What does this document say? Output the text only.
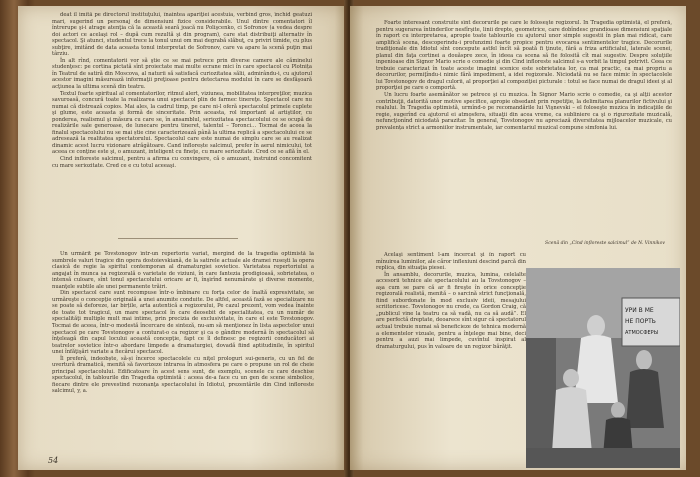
deat il imită pe directorul instituţului, înaintea apariţiei acestuia, verbind gros, închid geatuzi mari, sugerind un personaj de dimensiuni fizice considerabile. Unul dintre comentatori îl întrerupe şi-i atrage atenţia că la această seară joacă nu Polişcenko, ci Sofronov (a vedea despre doi actori ce acelaşi rol – după cum rezultă şi din program), care stat distribuiţi alternativ în spectacol. Şi atunci, studentul trece la tonul unui om mai degrabă slăbuţ, cu priviri timide, cu plus subţire, imitând de data aceasta tonul interpretat de Sofronov, care va apare la scenă puţin mai târziu.

În alt rînd, comentatorii vor să ştie ce se mai petrece prin diverse camere ale căminelui studenţesc: pe cortina pictată sînt proiectate mai multe ecrane mici în care spectacol cu Plotnița în Teatrul de satiră din Moscova, al naturii să satisfacă curiozitatea sălii, admirându-i, cu ajutorul acestor imagini măsurează informaţii preţioase pentru detectarea modului în care se desfăşoară acţiunea la ultima scenă din teatru.

Textul foarte spiritual al comentatorilor, ritmul alert, viziunea, mobilitatea interpreţilor, muzica savuroasă, concură toate la realizarea unui spectacol plin de farmec tinereţe. Spectacol care nu numai că distrează copios. Mai ales, la cadrul timp, pe care ni-l oferă spectacolul primele cuplete şi glume, este aceasta şi formă de sinceritate. Prin aceasta, rol important al artiştilor, cu ponderea, realismul şi măsura cu care se, în ansamblul, seriozitatea spectacolului ce se ocupă de realizările sale generoase, de lunecare pentru tineret, talentul – Toronci... Tocmai de aceea la finalul spectacolului nu se mai știe cine caracterizează până la ultima replică a spectacolului ce se adresează la realitatea spectatorului. Spectacolul care este numai de simplu care se au realizat dinamic acest lucru vizionare atrăgătoare. Cand inflorește salcimul, prefer în aerul nimicului, tot aceea ce conţine este şi, o amuzant, inteligent cu fineţe, cu mare seriozitate. Cred ce se află în el.

Cind infloreste salcimul, pentru a afirma cu convingere, că o amuzant, instruind concomitent cu mare seriozitate. Cred ce e cu totul aceeaşi.

Un urmărit pe Tovstonogov într-un repertoriu variat, mergind de la tragedia optimistă la sumbrele valuri tragice din opera dostoievskiană, de la satirele actuale ale dramei ruseşti la opera clasică de regie la spiritul contemporan al dramaturgiei sovietice. Varietatea repertoriului a angajat în munca sa regizorală o varietate de viziuni, în care fantezia prodigioasă, sobrietatea, o intensă culoare, sînt tonul spectacolului oricare ar fi, înşirînd nenumărate şi diverse momente, nuanţele subtile ale unei permanente trăiri.

Din spectacol care sunt recompuse într-o îmbinare cu forţa celor de înaltă expresivitate, se urmăreşte o concepţie originală a unei anumite conduite. De altfel, această fază se specializare nu se poate să deforeze, iar birțile, arta autentică a regizorului, Pe cazul prezent, vom vedea înainte de toate tot tragicul, un mare spectacol în care deosebit de specialitatea, cu un număr de specialităţi multiple mult mai intime, prin precizia de exclusivitate, în care el este Tovstonogov. Tocmai de aceea, într-o modestă încercare de sinteză, nu-am să menţionez în lista aspectelor unui spectacol pe care Tovstonogov a conturat-o ca regizor şi ca o gândire modernă în spectacolul să înţeleagă din capul locului această concepţie, fapt ce îl definesc pe regizorii conducători ai teatrelor sovietice într-o abordare limpede a dramaturgiei, dovadă fiind aptitudinile, în spiritul unei înfăţişări variate a fiecărui spectacol.

Îl preferă, indeobște, să-și încerce spectacolele cu niţel prologuri sui-generis, cu un fel de uvertură dramatică, menită să favorizeze intrarea în atmosfera pe care o propune un rol de cheie principal spectacolului. Edificatoare în acest sens sunt, de exemplu, scenele cu care deschise spectacolul, în tablourile din Tragedia optimistă : aceea de-a face cu un gen de scene simbolice, fiecare dintre ele prevestind rezonanţa spectacolului în Idiotul, prezentările din Cind infloreste salcimul, y, a.

54

Foarte interesant construite sînt decorurile pe care le foloseşte regizorul. În Tragedia optimistă, el preferă, pentru sugerarea întinderilor nesfîrşite, linii drepte, geometrice, care dobîndesc grandioase dimensiuni spaţiale în raport cu interpretarea, apropie toate tablourile cu ajutorul unor simple sugestii în plan mai ridicat, care amplifică scena, descoperindu-i profunzimi foarte propice pentru evocarea sentimentelor tragice. Decorurile tradiţionale din Idiotul sînt concepute astfel încît să poată fi ţinute, fără a friza artificialul, laterale scenei, planul din faţa cortinei a douăspre zece, în ideea ca scena să fie folosită cît mai sugestiv. Despre soluţiile inpenioase din Signor Mario scrie o comedie şi din Cind infloreste salcimul s-a vorbit la timpul potrivit. Ceea ce trebuie caracterizat în toate aceste imagini scenice este sobrietatea lor, ca mai practic, ca mai propriu a decorurilor, permiţîndu-i nimic fără impediment, a idei regizorale. Niciodată nu se face mimic în spectacolele lui Tovstonogov de dragul culorii, al proporţiei al compoziţiei picturale : totul se face numai de dragul ideei şi al proporţiei pe care o comportă.

Un lucru foarte asemănător se petrece şi cu muzica. În Signor Mario scrie o comedie, ca şi alţii acestor contribuţii, datorită unor motive specifice, apropie obsedant prin repetiţie, la delimitarea planurilor fictivului şi realului. În Tragedia optimistă, urmînd-o pe recomandările lui Vişnevski – el foloseşte muzica în indicaţiile de regie, sugerînd cu ajutorul ei atmosfera, situaţii din acea vreme, ca subliniere ca şi o rigurozitate muzicală, nefuncţionînd niciodată parazitar. În general, Tovstonogov nu apreciază diversitatea mijloacelor muzicale, cu prevalența strict a armoniilor instrumentale, iar comentariul muzical compune simfonia lui.

Acelaşi sentiment l-am încercat şi în raport cu mînuirea luminilor, ale căror inflexiuni descind parcă din replica, din situaţia piesei.

În ansamblu, decorurile, muzica, lumina, celelalte accesorii tehnice ale spectacolului au la Tovstonogov – aşa cum se pare că ar fi fireşte în orice concepţie regizorală realistă, menită – o sarcină strict funcţională, fiind subordonate în mod exclusiv ideii, mesajului scriitoricesc. Tovstonogov nu crede, ca Gordon Craig, că „publicul vine la teatru ca să vadă, nu ca să audă”. El are perfectă dreptate, deoarece sînt sigur că spectatorul actual trebuie numai să beneficieze de tehnica modernă a elementelor vizuale, pentru a înţelege mai bine, deci pentru a auzi mai limpede, cuvîntul inspirat al dramaturgului, pus în valoare de un regizor bărăţit.

Scenă din „Cind infloreste salcimul” de N. Vinnikov
УРИ В МЕ
НЕ ПОРТЬ
АТМОСФЕРЫ
